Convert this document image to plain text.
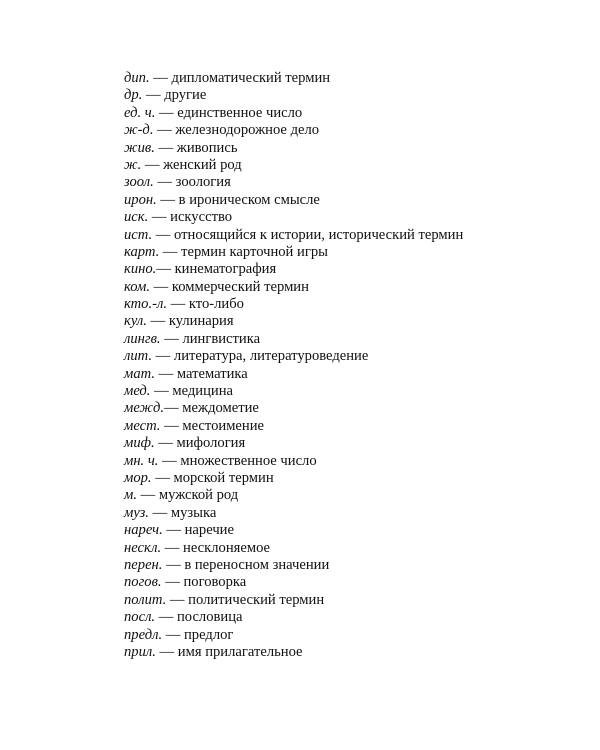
дип. — дипломатический термин
др. — другие
ед. ч. — единственное число
ж-д. — железнодорожное дело
жив. — живопись
ж. — женский род
зоол. — зоология
ирон. — в ироническом смысле
иск. — искусство
ист. — относящийся к истории, исторический термин
карт. — термин карточной игры
кино.— кинематография
ком. — коммерческий термин
кто.-л. — кто-либо
кул. — кулинария
лингв. — лингвистика
лит. — литература, литературоведение
мат. — математика
мед. — медицина
межд.— междометие
мест. — местоимение
миф. — мифология
мн. ч. — множественное число
мор. — морской термин
м. — мужской род
муз. — музыка
нареч. — наречие
нескл. — несклоняемое
перен. — в переносном значении
погов. — поговорка
полит. — политический термин
посл. — пословица
предл. — предлог
прил. — имя прилагательное
